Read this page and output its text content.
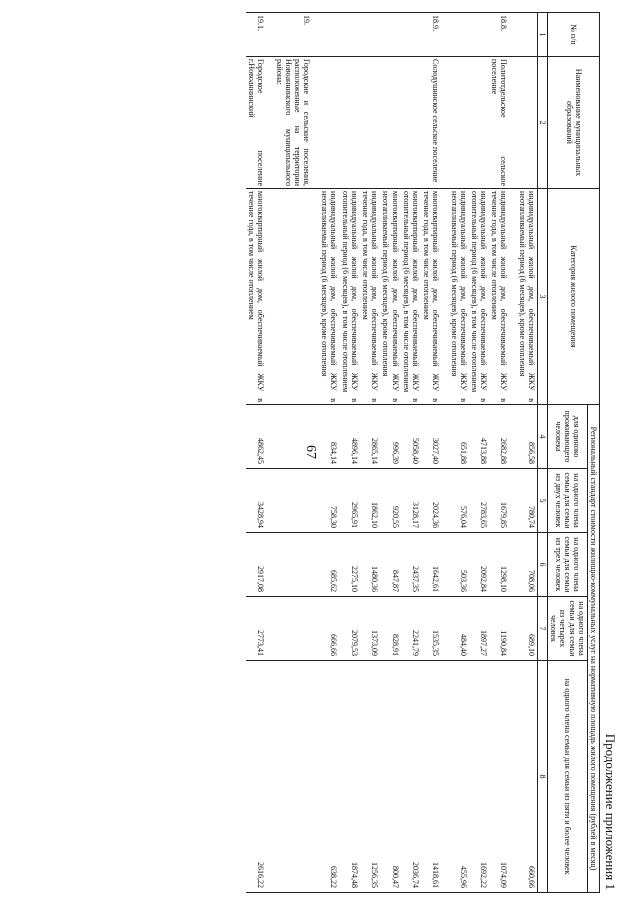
67
Продолжение приложения 1
№ п/п	Наименование муниципальных образований	Категория жилого помещения	Региональный стандарт стоимости жилищно-коммунальных услуг на нормативную площадь жилого помещения (рублей в месяц)				
			для одиноко проживающего человека	на одного члена семьи для семьи из двух человек	на одного члена семьи для семьи из трех человек	на одного члена семьи для семьи из четырех человек	на одного члена семьи для семьи из пяти и более человек
1	2	3	4	5	6	7	8
		индивидуальный жилой дом, обеспечиваемый ЖКУ в неотапливаемый период (6 месяцев), кроме отопления	856,58	780,74	708,06	689,10	660,66

18.8.	Политотдельское сельское поселение	индивидуальный жилой дом, обеспечиваемый ЖКУ в течение года, в том числе отоплением	2682,88	1679,85	1298,10	1190,84	1074,09
		индивидуальный жилой дом, обеспечиваемый ЖКУ в отопительный период (6 месяцев), в том числе отоплением	4713,88	2783,65	2092,84	1897,27	1692,22
		индивидуальный жилой дом, обеспечиваемый ЖКУ в неотапливаемый период (6 месяцев), кроме отопления	651,88	576,04	503,36	484,40	455,96

18.9.	Солодушинское сельское поселение	многоквартирный жилой дом, обеспечиваемый ЖКУ в течение года, в том числе отоплением	3027,40	2024,36	1642,61	1535,35	1418,61
		многоквартирный жилой дом, обеспечиваемый ЖКУ в отопительный период (6 месяцев), в том числе отоплением	5058,40	3128,17	2437,35	2241,79	2036,74
		многоквартирный жилой дом, обеспечиваемый ЖКУ в неотапливаемый период (6 месяцев), кроме отопления	996,39	920,55	847,87	828,91	800,47
		индивидуальный жилой дом, обеспечиваемый ЖКУ в течение года, в том числе отоплением	2865,14	1862,10	1480,36	1373,09	1256,35
		индивидуальный жилой дом, обеспечиваемый ЖКУ в отопительный период (6 месяцев), в том числе отоплением	4896,14	2965,91	2275,10	2079,53	1874,48
		индивидуальный жилой дом, обеспечиваемый ЖКУ в неотапливаемый период (6 месяцев), кроме отопления	834,14	758,30	685,62	666,66	638,22

19.	Городские и сельские поселения, расположенные на территории Новоаннинского муниципального района:						

19.1.	Городское поселение г.Новоаннинский	многоквартирный жилой дом, обеспечиваемый ЖКУ в течение года, в том числе отоплением	4862,45	3428,94	2917,08	2773,41	2616,22
